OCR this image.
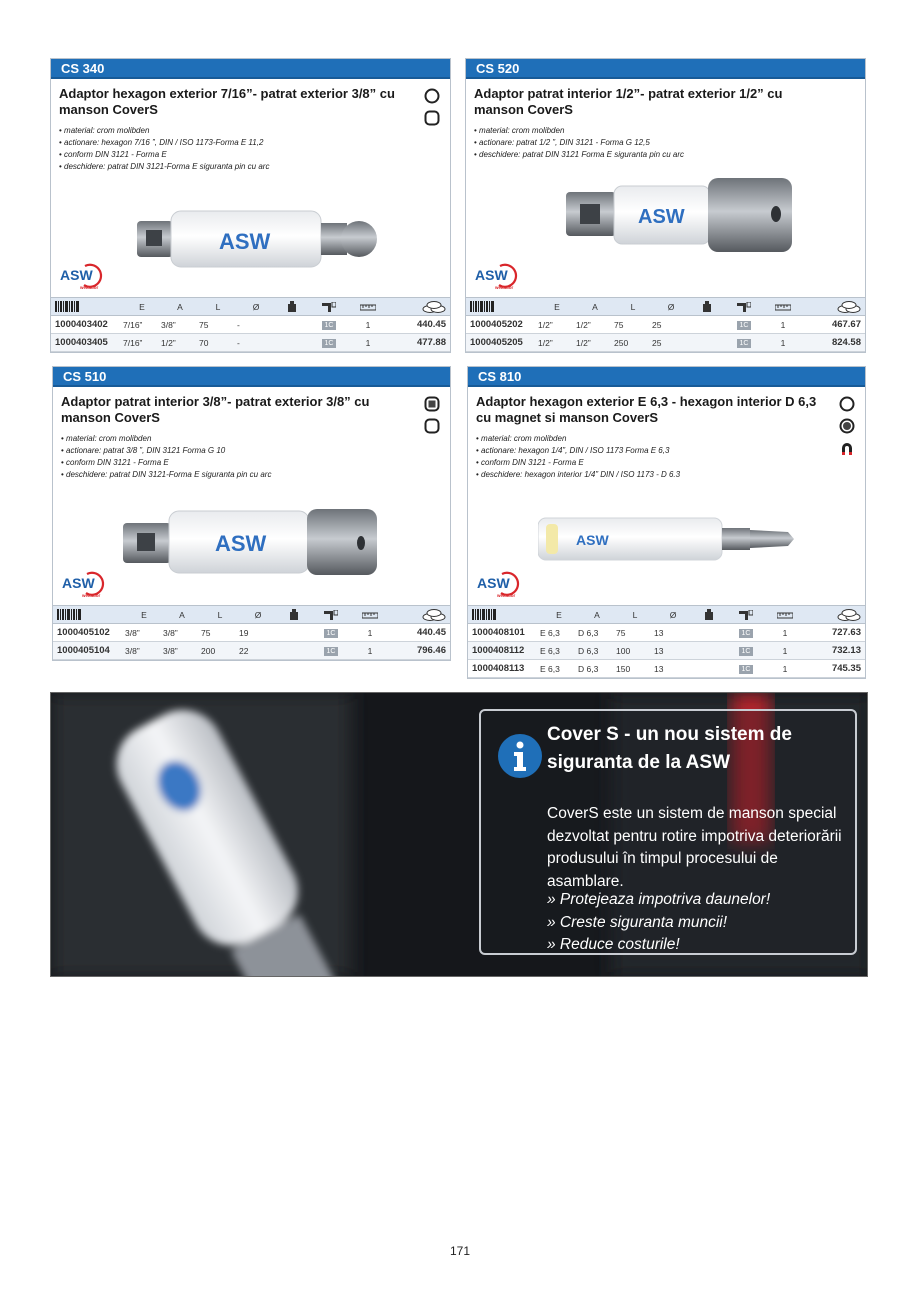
CS 340
Adaptor hexagon exterior 7/16”- patrat exterior 3/8” cu manson CoverS
• material: crom molibden
• actionare: hexagon 7/16 ”, DIN / ISO 1173-Forma E 11,2
• conform DIN 3121 - Forma E
• deschidere: patrat DIN 3121-Forma E siguranta pin cu arc
ASW
ASW
wekador
	E	A	L	Ø				
1000403402	7/16”	3/8”	75	-		1C	1	440.45
1000403405	7/16”	1/2”	70	-		1C	1	477.88
CS 520
Adaptor patrat interior 1/2”- patrat exterior 1/2” cu manson CoverS
• material: crom molibden
• actionare: patrat 1/2 ”, DIN 3121 - Forma G 12,5
• deschidere: patrat DIN 3121 Forma E siguranta pin cu arc
ASW
ASW
wekador
	E	A	L	Ø				
1000405202	1/2”	1/2”	75	25		1C	1	467.67
1000405205	1/2”	1/2”	250	25		1C	1	824.58
CS 510
Adaptor patrat interior 3/8”- patrat exterior 3/8” cu manson CoverS
• material: crom molibden
• actionare: patrat 3/8 ”, DIN 3121 Forma G 10
• conform DIN 3121 - Forma E
• deschidere: patrat DIN 3121-Forma E siguranta pin cu arc
ASW
ASW
wekador
	E	A	L	Ø				
1000405102	3/8”	3/8”	75	19		1C	1	440.45
1000405104	3/8”	3/8”	200	22		1C	1	796.46
CS 810
Adaptor hexagon exterior E 6,3 - hexagon interior D 6,3 cu magnet si manson CoverS
• material: crom molibden
• actionare: hexagon 1/4”, DIN / ISO 1173 Forma E 6,3
• conform DIN 3121 - Forma E
• deschidere: hexagon interior 1/4” DIN / ISO 1173 - D 6.3
ASW
ASW
wekador
	E	A	L	Ø				
1000408101	E 6,3	D 6,3	75	13		1C	1	727.63
1000408112	E 6,3	D 6,3	100	13		1C	1	732.13
1000408113	E 6,3	D 6,3	150	13		1C	1	745.35
Cover S - un nou sistem de siguranta de la ASW
CoverS este un sistem de manson special dezvoltat pentru rotire impotriva deteriorării produsului în timpul procesului de asamblare.
» Protejeaza impotriva daunelor!
» Creste siguranta muncii!
» Reduce costurile!
171
